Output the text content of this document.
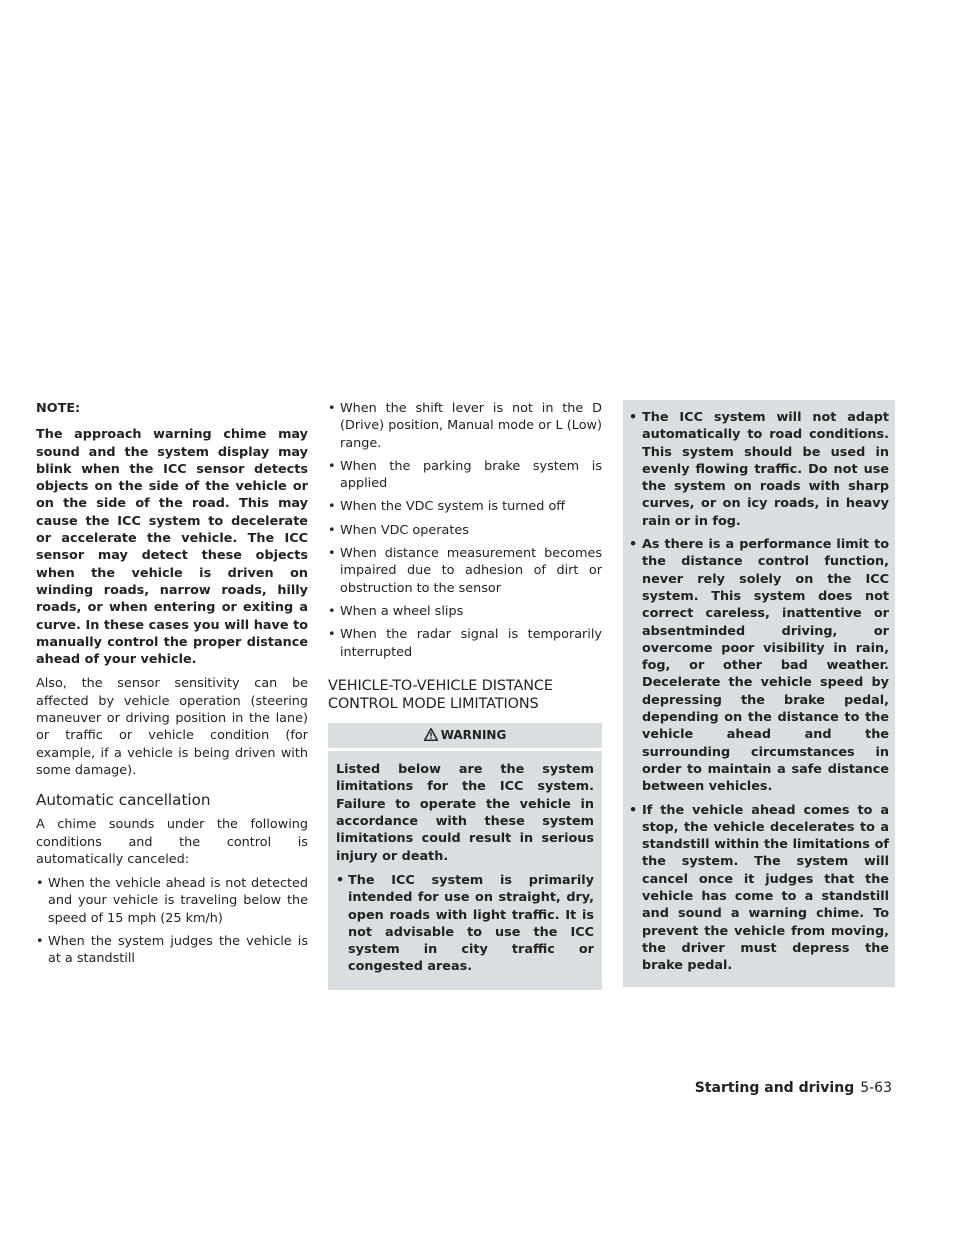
NOTE:

The approach warning chime may sound and the system display may blink when the ICC sensor detects objects on the side of the vehicle or on the side of the road. This may cause the ICC system to decelerate or accelerate the vehicle. The ICC sensor may detect these objects when the vehicle is driven on winding roads, narrow roads, hilly roads, or when entering or exiting a curve. In these cases you will have to manually control the proper distance ahead of your vehicle.

Also, the sensor sensitivity can be affected by vehicle operation (steering maneuver or driving position in the lane) or traffic or vehicle condition (for example, if a vehicle is being driven with some damage).

Automatic cancellation

A chime sounds under the following conditions and the control is automatically canceled:

• When the vehicle ahead is not detected and your vehicle is traveling below the speed of 15 mph (25 km/h)
• When the system judges the vehicle is at a standstill
• When the shift lever is not in the D (Drive) position, Manual mode or L (Low) range.
• When the parking brake system is applied
• When the VDC system is turned off
• When VDC operates
• When distance measurement becomes impaired due to adhesion of dirt or obstruction to the sensor
• When a wheel slips
• When the radar signal is temporarily interrupted
VEHICLE-TO-VEHICLE DISTANCE CONTROL MODE LIMITATIONS
WARNING

Listed below are the system limitations for the ICC system. Failure to operate the vehicle in accordance with these system limitations could result in serious injury or death.

• The ICC system is primarily intended for use on straight, dry, open roads with light traffic. It is not advisable to use the ICC system in city traffic or congested areas.
• The ICC system will not adapt automatically to road conditions. This system should be used in evenly flowing traffic. Do not use the system on roads with sharp curves, or on icy roads, in heavy rain or in fog.
• As there is a performance limit to the distance control function, never rely solely on the ICC system. This system does not correct careless, inattentive or absentminded driving, or overcome poor visibility in rain, fog, or other bad weather. Decelerate the vehicle speed by depressing the brake pedal, depending on the distance to the vehicle ahead and the surrounding circumstances in order to maintain a safe distance between vehicles.
• If the vehicle ahead comes to a stop, the vehicle decelerates to a standstill within the limitations of the system. The system will cancel once it judges that the vehicle has come to a standstill and sound a warning chime. To prevent the vehicle from moving, the driver must depress the brake pedal.
Starting and driving 5-63
